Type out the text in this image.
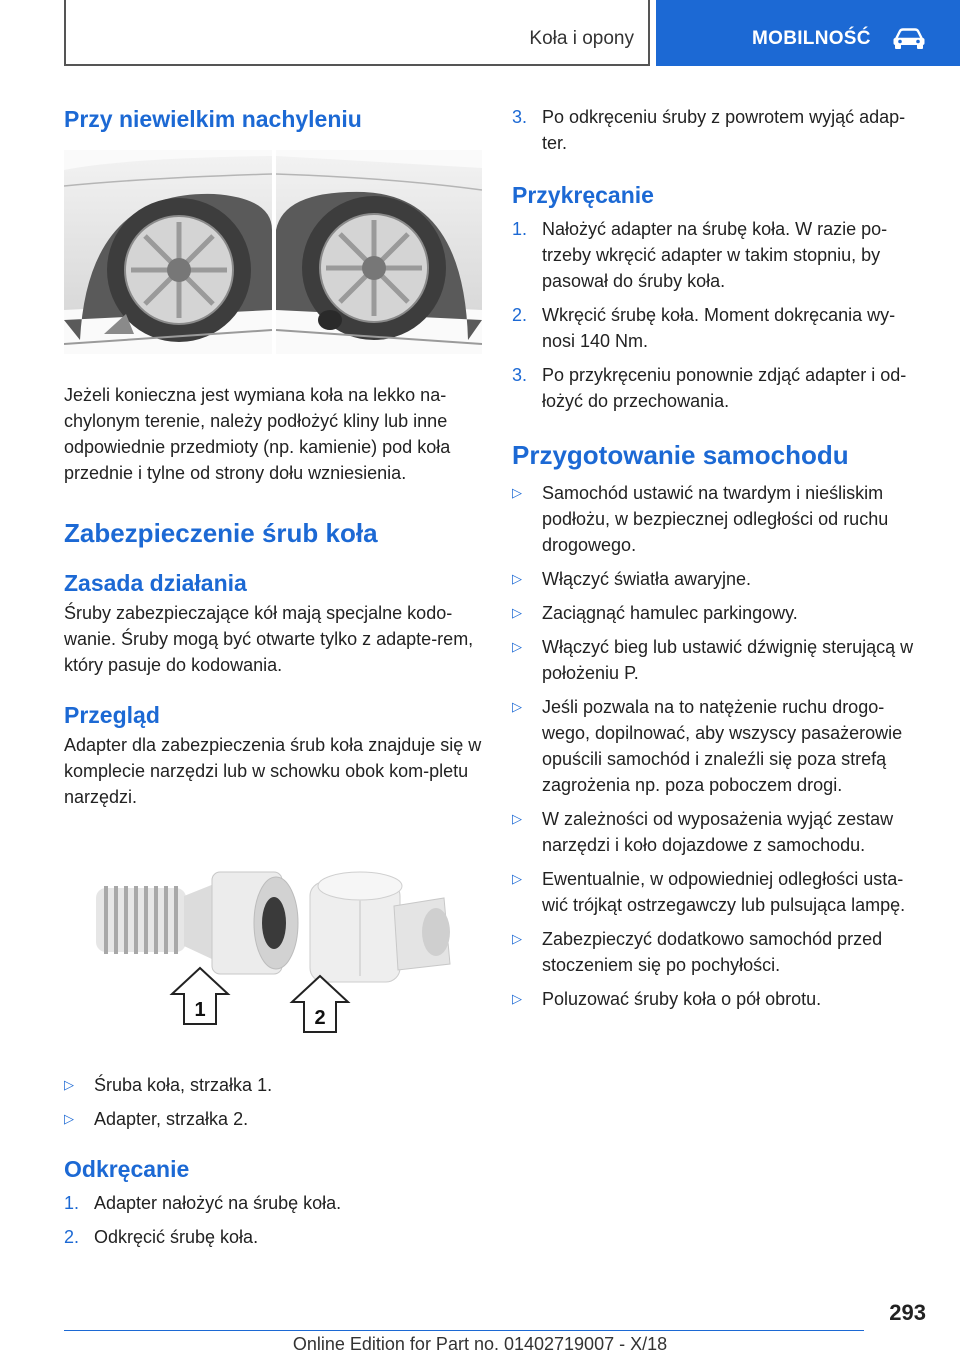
Koła i opony	MOBILNOŚĆ
Przy niewielkim nachyleniu

Jeżeli konieczna jest wymiana koła na lekko na-chylonym terenie, należy podłożyć kliny lub inne odpowiednie przedmioty (np. kamienie) pod koła przednie i tylne od strony dołu wzniesienia.

Zabezpieczenie śrub koła
Zasada działania

Śruby zabezpieczające kół mają specjalne kodo-wanie. Śruby mogą być otwarte tylko z adapte-rem, który pasuje do kodowania.

Przegląd

Adapter dla zabezpieczenia śrub koła znajduje się w komplecie narzędzi lub w schowku obok kom-pletu narzędzi.

1	2
▷ Śruba koła, strzałka 1.
▷ Adapter, strzałka 2.
Odkręcanie
1. Adapter nałożyć na śrubę koła.
2. Odkręcić śrubę koła.
3. Po odkręceniu śruby z powrotem wyjąć adap-ter.
Przykręcanie
1. Nałożyć adapter na śrubę koła. W razie po-trzeby wkręcić adapter w takim stopniu, by pasował do śruby koła.
2. Wkręcić śrubę koła. Moment dokręcania wy-nosi 140 Nm.
3. Po przykręceniu ponownie zdjąć adapter i od-łożyć do przechowania.
Przygotowanie samochodu
▷ Samochód ustawić na twardym i nieśliskim podłożu, w bezpiecznej odległości od ruchu drogowego.
▷ Włączyć światła awaryjne.
▷ Zaciągnąć hamulec parkingowy.
▷ Włączyć bieg lub ustawić dźwignię sterującą w położeniu P.
▷ Jeśli pozwala na to natężenie ruchu drogo-wego, dopilnować, aby wszyscy pasażerowie opuścili samochód i znaleźli się poza strefą zagrożenia np. poza poboczem drogi.
▷ W zależności od wyposażenia wyjąć zestaw narzędzi i koło dojazdowe z samochodu.
▷ Ewentualnie, w odpowiedniej odległości usta-wić trójkąt ostrzegawczy lub pulsująca lampę.
▷ Zabezpieczyć dodatkowo samochód przed stoczeniem się po pochyłości.
▷ Poluzować śruby koła o pół obrotu.
293
Online Edition for Part no. 01402719007 - X/18
